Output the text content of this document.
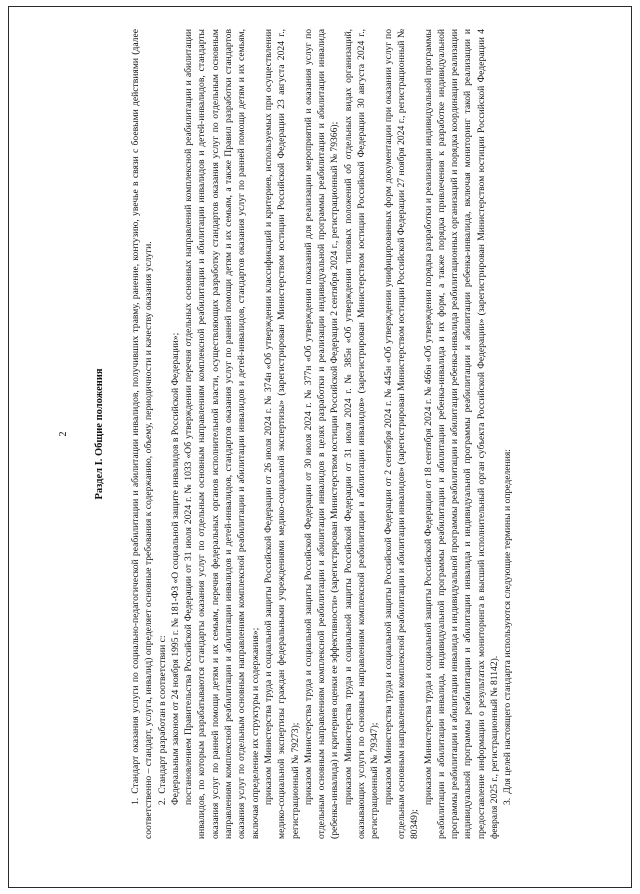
2 Раздел I. Общие положения

1.Стандарт оказания услуги по социально-педагогической реабилитации и абилитации инвалидов, получивших травму, ранение, контузию, увечье в связи с боевыми действиями (далее соответственно – стандарт, услуга, инвалид) определяет основные требования к содержанию, объему, периодичности и качеству оказания услуги. 2.Стандарт разработан в соответствии с: Федеральным законом от 24 ноября 1995 г. № 181-ФЗ «О социальной защите инвалидов в Российской Федерации»; постановлением Правительства Российской Федерации от 31 июля 2024 г. № 1033 «Об утверждении перечня отдельных основных направлений комплексной реабилитации и абилитации инвалидов, по которым разрабатываются стандарты оказания услуг по отдельным основным направлениям комплексной реабилитации и абилитации инвалидов и детей-инвалидов, стандарты оказания услуг по ранней помощи детям и их семьям, перечня федеральных органов исполнительной власти, осуществляющих разработку стандартов оказания услуг по отдельным основным направлениям комплексной реабилитации и абилитации инвалидов и детей-инвалидов, стандартов оказания услуг по ранней помощи детям и их семьям, а также Правил разработки стандартов оказания услуг по отдельным основным направлениям комплексной реабилитации и абилитации инвалидов и детей-инвалидов, стандартов оказания услуг по ранней помощи детям и их семьям, включая определение их структуры и содержания»; приказом Министерства труда и социальной защиты Российской Федерации от 26 июля 2024 г. № 374н «Об утверждении классификаций и критериев, используемых при осуществлении медико-социальной экспертизы граждан федеральными учреждениями медико-социальной экспертизы» (зарегистрирован Министерством юстиции Российской Федерации 23 августа 2024 г., регистрационный № 79273); приказом Министерства труда и социальной защиты Российской Федерации от 30 июля 2024 г. № 377н «Об утверждении показаний для реализации мероприятий и оказания услуг по отдельным основным направлениям комплексной реабилитации и абилитации инвалидов в целях разработки и реализации индивидуальной программы реабилитации и абилитации инвалида (ребенка-инвалида) и критериев оценки ее эффективности» (зарегистрирован Министерством юстиции Российской Федерации 2 сентября 2024 г., регистрационный № 79366); приказом Министерства труда и социальной защиты Российской Федерации от 31 июля 2024 г. № 385н «Об утверждении типовых положений об отдельных видах организаций, оказывающих услуги по основным направлениям комплексной реабилитации и абилитации инвалидов» (зарегистрирован Министерством юстиции Российской Федерации 30 августа 2024 г., регистрационный № 79347); приказом Министерства труда и социальной защиты Российской Федерации от 2 сентября 2024 г. № 445н «Об утверждении унифицированных форм документации при оказании услуг по отдельным основным направлениям комплексной реабилитации и абилитации инвалидов» (зарегистрирован Министерством юстиции Российской Федерации 27 ноября 2024 г., регистрационный № 80349);

приказом Министерства труда и социальной защиты Российской Федерации от 18 сентября 2024 г. № 466н «Об утверждении порядка разработки и реализации индивидуальной программы реабилитации и абилитации инвалида, индивидуальной программы реабилитации и абилитации ребенка-инвалида и их форм, а также порядка привлечения к разработке индивидуальной программы реабилитации и абилитации инвалида и индивидуальной программы реабилитации и абилитации ребенка-инвалида реабилитационных организаций и порядка координации реализации индивидуальной программы реабилитации и абилитации инвалида и индивидуальной программы реабилитации и абилитации ребенка-инвалида, включая мониторинг такой реализации и предоставление информации о результатах мониторинга в высший исполнительный орган субъекта Российской Федерации» (зарегистрирован Министерством юстиции Российской Федерации 4 февраля 2025 г., регистрационный № 81142). 3.Для целей настоящего стандарта используются следующие термины и определения:
